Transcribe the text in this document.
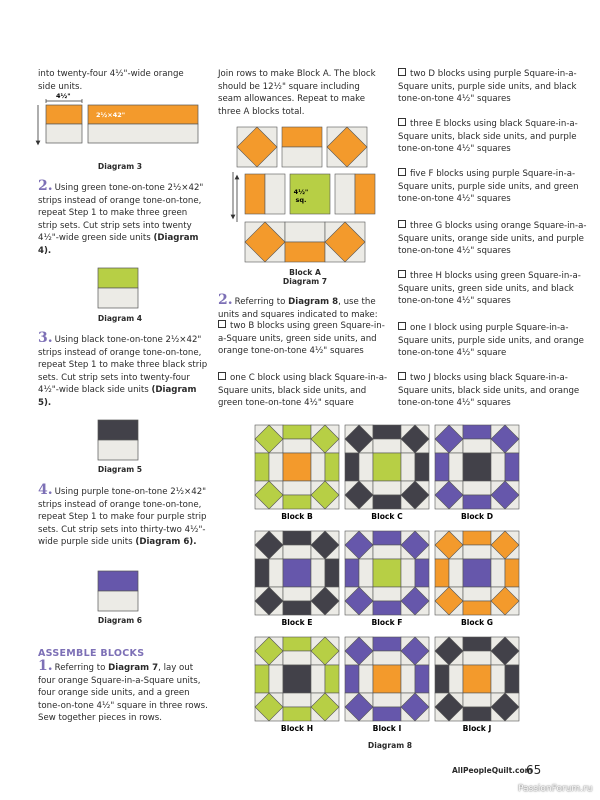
into twenty-four 4½"-wide orange side units.
4½"
2½×42"
Diagram 3
2. Using green tone-on-tone 2½×42" strips instead of orange tone-on-tone, repeat Step 1 to make three green strip sets. Cut strip sets into twenty 4½"-wide green side units (Diagram 4).
Diagram 4
3. Using black tone-on-tone 2½×42" strips instead of orange tone-on-tone, repeat Step 1 to make three black strip sets. Cut strip sets into twenty-four 4½"-wide black side units (Diagram 5).
Diagram 5
4. Using purple tone-on-tone 2½×42" strips instead of orange tone-on-tone, repeat Step 1 to make four purple strip sets. Cut strip sets into thirty-two 4½"-wide purple side units (Diagram 6).
Diagram 6
ASSEMBLE BLOCKS
1. Referring to Diagram 7, lay out four orange Square-in-a-Square units, four orange side units, and a green tone-on-tone 4½" square in three rows. Sew together pieces in rows.
Join rows to make Block A. The block should be 12½" square including seam allowances. Repeat to make three A blocks total.
4½"
sq.
Block A
Diagram 7
2. Referring to Diagram 8, use the units and squares indicated to make:
two B blocks using green Square-in-a-Square units, green side units, and orange tone-on-tone 4½" squares
one C block using black Square-in-a-Square units, black side units, and green tone-on-tone 4½" square
two D blocks using purple Square-in-a-Square units, purple side units, and black tone-on-tone 4½" squares
three E blocks using black Square-in-a-Square units, black side units, and purple tone-on-tone 4½" squares
five F blocks using purple Square-in-a-Square units, purple side units, and green tone-on-tone 4½" squares
three G blocks using orange Square-in-a-Square units, orange side units, and purple tone-on-tone 4½" squares
three H blocks using green Square-in-a-Square units, green side units, and black tone-on-tone 4½" squares
one I block using purple Square-in-a-Square units, purple side units, and orange tone-on-tone 4½" square
two J blocks using black Square-in-a-Square units, black side units, and orange tone-on-tone 4½" squares
Block B	Block C	Block D
Block E	Block F	Block G
Block H	Block I	Block J
Diagram 8
AllPeopleQuilt.com
65
PassionForum.ru
